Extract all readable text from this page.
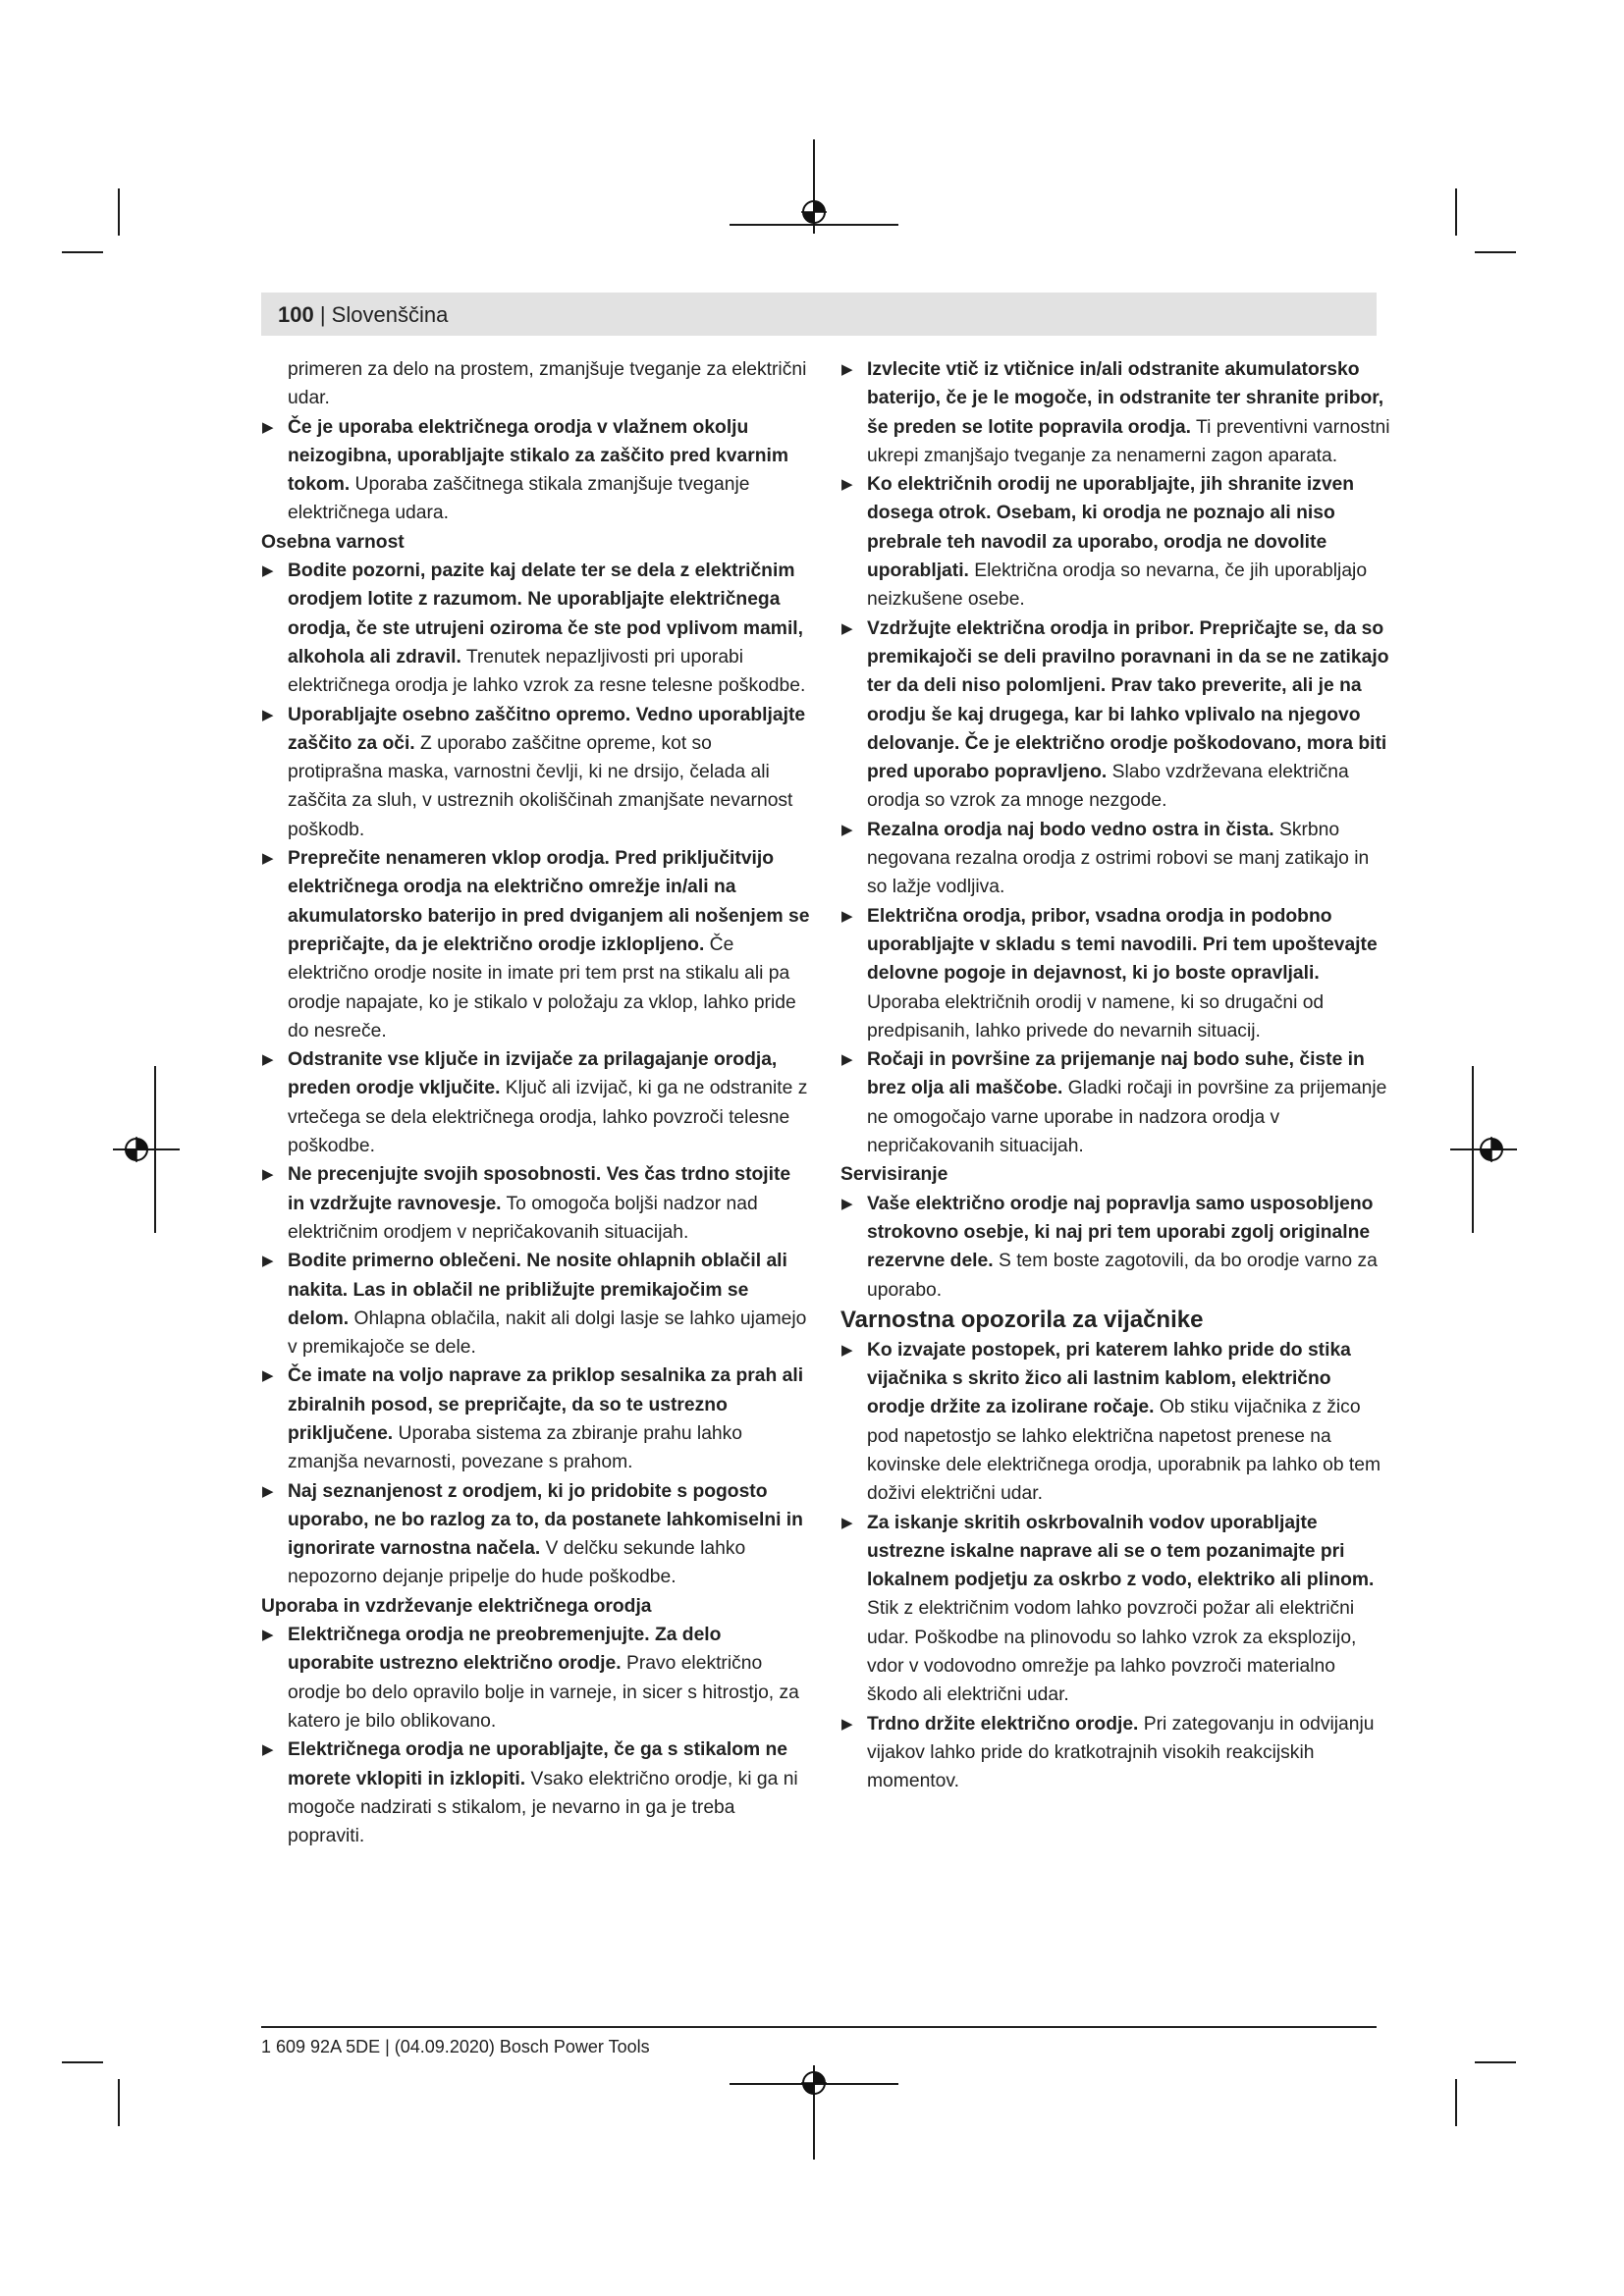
100 | Slovenščina

primeren za delo na prostem, zmanjšuje tveganje za električni udar.

▶ Če je uporaba električnega orodja v vlažnem okolju neizogibna, uporabljajte stikalo za zaščito pred kvarnim tokom. Uporaba zaščitnega stikala zmanjšuje tveganje električnega udara.

Osebna varnost

▶ Bodite pozorni, pazite kaj delate ter se dela z električnim orodjem lotite z razumom. Ne uporabljajte električnega orodja, če ste utrujeni oziroma če ste pod vplivom mamil, alkohola ali zdravil. Trenutek nepazljivosti pri uporabi električnega orodja je lahko vzrok za resne telesne poškodbe.

▶ Uporabljajte osebno zaščitno opremo. Vedno uporabljajte zaščito za oči. Z uporabo zaščitne opreme, kot so protiprašna maska, varnostni čevlji, ki ne drsijo, čelada ali zaščita za sluh, v ustreznih okoliščinah zmanjšate nevarnost poškodb.

▶ Preprečite nenameren vklop orodja. Pred priključitvijo električnega orodja na električno omrežje in/ali na akumulatorsko baterijo in pred dviganjem ali nošenjem se prepričajte, da je električno orodje izklopljeno. Če električno orodje nosite in imate pri tem prst na stikalu ali pa orodje napajate, ko je stikalo v položaju za vklop, lahko pride do nesreče.

▶ Odstranite vse ključe in izvijače za prilagajanje orodja, preden orodje vključite. Ključ ali izvijač, ki ga ne odstranite z vrtečega se dela električnega orodja, lahko povzroči telesne poškodbe.

▶ Ne precenjujte svojih sposobnosti. Ves čas trdno stojite in vzdržujte ravnovesje. To omogoča boljši nadzor nad električnim orodjem v nepričakovanih situacijah.

▶ Bodite primerno oblečeni. Ne nosite ohlapnih oblačil ali nakita. Las in oblačil ne približujte premikajočim se delom. Ohlapna oblačila, nakit ali dolgi lasje se lahko ujamejo v premikajoče se dele.

▶ Če imate na voljo naprave za priklop sesalnika za prah ali zbiralnih posod, se prepričajte, da so te ustrezno priključene. Uporaba sistema za zbiranje prahu lahko zmanjša nevarnosti, povezane s prahom.

▶ Naj seznanjenost z orodjem, ki jo pridobite s pogosto uporabo, ne bo razlog za to, da postanete lahkomiselni in ignorirate varnostna načela. V delčku sekunde lahko nepozorno dejanje pripelje do hude poškodbe.

Uporaba in vzdrževanje električnega orodja

▶ Električnega orodja ne preobremenjujte. Za delo uporabite ustrezno električno orodje. Pravo električno orodje bo delo opravilo bolje in varneje, in sicer s hitrostjo, za katero je bilo oblikovano.

▶ Električnega orodja ne uporabljajte, če ga s stikalom ne morete vklopiti in izklopiti. Vsako električno orodje, ki ga ni mogoče nadzirati s stikalom, je nevarno in ga je treba popraviti.

▶ Izvlecite vtič iz vtičnice in/ali odstranite akumulatorsko baterijo, če je le mogoče, in odstranite ter shranite pribor, še preden se lotite popravila orodja. Ti preventivni varnostni ukrepi zmanjšajo tveganje za nenamerni zagon aparata.

▶ Ko električnih orodij ne uporabljajte, jih shranite izven dosega otrok. Osebam, ki orodja ne poznajo ali niso prebrale teh navodil za uporabo, orodja ne dovolite uporabljati. Električna orodja so nevarna, če jih uporabljajo neizkušene osebe.

▶ Vzdržujte električna orodja in pribor. Prepričajte se, da so premikajoči se deli pravilno poravnani in da se ne zatikajo ter da deli niso polomljeni. Prav tako preverite, ali je na orodju še kaj drugega, kar bi lahko vplivalo na njegovo delovanje. Če je električno orodje poškodovano, mora biti pred uporabo popravljeno. Slabo vzdrževana električna orodja so vzrok za mnoge nezgode.

▶ Rezalna orodja naj bodo vedno ostra in čista. Skrbno negovana rezalna orodja z ostrimi robovi se manj zatikajo in so lažje vodljiva.

▶ Električna orodja, pribor, vsadna orodja in podobno uporabljajte v skladu s temi navodili. Pri tem upoštevajte delovne pogoje in dejavnost, ki jo boste opravljali. Uporaba električnih orodij v namene, ki so drugačni od predpisanih, lahko privede do nevarnih situacij.

▶ Ročaji in površine za prijemanje naj bodo suhe, čiste in brez olja ali maščobe. Gladki ročaji in površine za prijemanje ne omogočajo varne uporabe in nadzora orodja v nepričakovanih situacijah.

Servisiranje

▶ Vaše električno orodje naj popravlja samo usposobljeno strokovno osebje, ki naj pri tem uporabi zgolj originalne rezervne dele. S tem boste zagotovili, da bo orodje varno za uporabo.

Varnostna opozorila za vijačnike

▶ Ko izvajate postopek, pri katerem lahko pride do stika vijačnika s skrito žico ali lastnim kablom, električno orodje držite za izolirane ročaje. Ob stiku vijačnika z žico pod napetostjo se lahko električna napetost prenese na kovinske dele električnega orodja, uporabnik pa lahko ob tem doživi električni udar.

▶ Za iskanje skritih oskrbovalnih vodov uporabljajte ustrezne iskalne naprave ali se o tem pozanimajte pri lokalnem podjetju za oskrbo z vodo, elektriko ali plinom. Stik z električnim vodom lahko povzroči požar ali električni udar. Poškodbe na plinovodu so lahko vzrok za eksplozijo, vdor v vodovodno omrežje pa lahko povzroči materialno škodo ali električni udar.

▶ Trdno držite električno orodje. Pri zategovanju in odvijanju vijakov lahko pride do kratkotrajnih visokih reakcijskih momentov.

1 609 92A 5DE | (04.09.2020) Bosch Power Tools
